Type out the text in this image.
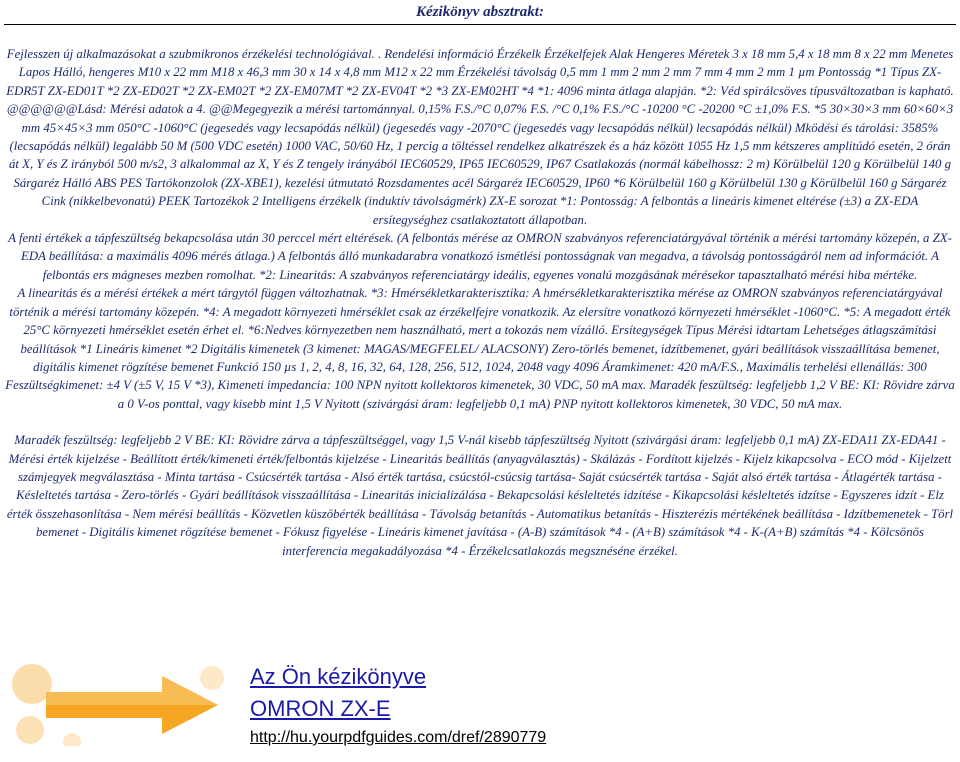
Kézikönyv absztrakt:

Fejlesszen új alkalmazásokat a szubmikronos érzékelési technológiával. . Rendelési információ Érzékelk Érzékelfejek Alak Hengeres Méretek 3 x 18 mm 5,4 x 18 mm 8 x 22 mm Menetes Lapos Hálló, hengeres M10 x 22 mm M18 x 46,3 mm 30 x 14 x 4,8 mm M12 x 22 mm Érzékelési távolság 0,5 mm 1 mm 2 mm 2 mm 7 mm 4 mm 2 mm 1 µm Pontosság *1 Típus ZX-EDR5T ZX-ED01T *2 ZX-ED02T *2 ZX-EM02T *2 ZX-EM07MT *2 ZX-EV04T *2 *3 ZX-EM02HT *4 *1: 4096 minta átlaga alapján. *2: Véd spirálcsöves típusváltozatban is kapható. @@@@@@Lásd: Mérési adatok a 4. @@Megegyezik a mérési tartománnyal. 0,15% F.S./°C 0,07% F.S. /°C 0,1% F.S./°C -10200 °C -20200 °C ±1,0% F.S. *5 30×30×3 mm 60×60×3 mm 45×45×3 mm 050°C -1060°C (jegesedés vagy lecsapódás nélkül) (jegesedés vagy -2070°C (jegesedés vagy lecsapódás nélkül) lecsapódás nélkül) Mködési és tárolási: 3585% (lecsapódás nélkül) legalább 50 M (500 VDC esetén) 1000 VAC, 50/60 Hz, 1 percig a töltéssel rendelkez alkatrészek és a ház között 1055 Hz 1,5 mm kétszeres amplitúdó esetén, 2 órán át X, Y és Z irányból 500 m/s2, 3 alkalommal az X, Y és Z tengely irányából IEC60529, IP65 IEC60529, IP67 Csatlakozás (normál kábelhossz: 2 m) Körülbelül 120 g Körülbelül 140 g Sárgaréz Hálló ABS PES Tartókonzolok (ZX-XBE1), kezelési útmutató Rozsdamentes acél Sárgaréz IEC60529, IP60 *6 Körülbelül 160 g Körülbelül 130 g Körülbelül 160 g Sárgaréz Cink (nikkelbevonatú) PEEK Tartozékok 2 Intelligens érzékelk (induktív távolságmérk) ZX-E sorozat *1: Pontosság: A felbontás a lineáris kimenet eltérése (±3) a ZX-EDA ersítegységhez csatlakoztatott állapotban.

A fenti értékek a tápfeszültség bekapcsolása után 30 perccel mért eltérések. (A felbontás mérése az OMRON szabványos referenciatárgyával történik a mérési tartomány közepén, a ZX-EDA beállítása: a maximális 4096 mérés átlaga.) A felbontás álló munkadarabra vonatkozó ismétlési pontosságnak van megadva, a távolság pontosságáról nem ad információt. A felbontás ers mágneses mezben romolhat. *2: Linearitás: A szabványos referenciatárgy ideális, egyenes vonalú mozgásának mérésekor tapasztalható mérési hiba mértéke.

A linearitás és a mérési értékek a mért tárgytól függen változhatnak. *3: Hmérsékletkarakterisztika: A hmérsékletkarakterisztika mérése az OMRON szabványos referenciatárgyával történik a mérési tartomány közepén. *4: A megadott környezeti hmérséklet csak az érzékelfejre vonatkozik. Az elersítre vonatkozó környezeti hmérséklet -1060°C. *5: A megadott érték 25°C környezeti hmérséklet esetén érhet el. *6:Nedves környezetben nem használható, mert a tokozás nem vízálló. Ersítegységek Típus Mérési idtartam Lehetséges átlagszámítási beállítások *1 Lineáris kimenet *2 Digitális kimenetek (3 kimenet: MAGAS/MEGFELEL/ ALACSONY) Zero-törlés bemenet, idzítbemenet, gyári beállítások visszaállítása bemenet, digitális kimenet rögzítése bemenet Funkció 150 µs 1, 2, 4, 8, 16, 32, 64, 128, 256, 512, 1024, 2048 vagy 4096 Áramkimenet: 420 mA/F.S., Maximális terhelési ellenállás: 300 Feszültségkimenet: ±4 V (±5 V, 15 V *3), Kimeneti impedancia: 100 NPN nyitott kollektoros kimenetek, 30 VDC, 50 mA max. Maradék feszültség: legfeljebb 1,2 V BE: KI: Rövidre zárva a 0 V-os ponttal, vagy kisebb mint 1,5 V Nyitott (szivárgási áram: legfeljebb 0,1 mA) PNP nyitott kollektoros kimenetek, 30 VDC, 50 mA max.

Maradék feszültség: legfeljebb 2 V BE: KI: Rövidre zárva a tápfeszültséggel, vagy 1,5 V-nál kisebb tápfeszültség Nyitott (szivárgási áram: legfeljebb 0,1 mA) ZX-EDA11 ZX-EDA41 - Mérési érték kijelzése - Beállított érték/kimeneti érték/felbontás kijelzése - Linearitás beállítás (anyagválasztás) - Skálázás - Fordított kijelzés - Kijelz kikapcsolva - ECO mód - Kijelzett számjegyek megválasztása - Minta tartása - Csúcsérték tartása - Alsó érték tartása, csúcstól-csúcsig tartása- Saját csúcsérték tartása - Saját alsó érték tartása - Átlagérték tartása - Késleltetés tartása - Zero-törlés - Gyári beállítások visszaállítása - Linearitás inicializálása - Bekapcsolási késleltetés idzítése - Kikapcsolási késleltetés idzítse - Egyszeres idzít - Elz érték összehasonlítása - Nem mérési beállítás - Közvetlen küszöbérték beállítása - Távolság betanítás - Automatikus betanítás - Hiszterézis mértékének beállítása - Idzítbemenetek - Törl bemenet - Digitális kimenet rögzítése bemenet - Fókusz figyelése - Lineáris kimenet javítása - (A-B) számítások *4 - (A+B) számítások *4 - K-(A+B) számítás *4 - Kölcsönös interferencia megakadályozása *4 - Érzékelcsatlakozás megsznéséne érzékel.

Az Ön kézikönyve
OMRON ZX-E
http://hu.yourpdfguides.com/dref/2890779
